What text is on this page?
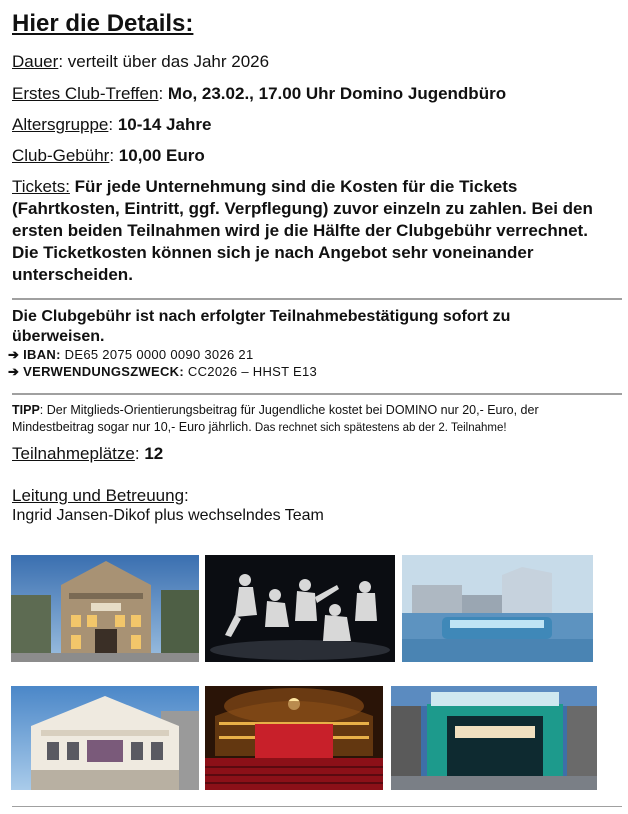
Hier die Details:
Dauer: verteilt über das Jahr 2026
Erstes Club-Treffen: Mo, 23.02., 17.00 Uhr Domino Jugendbüro
Altersgruppe: 10-14 Jahre
Club-Gebühr: 10,00 Euro
Tickets: Für jede Unternehmung sind die Kosten für die Tickets (Fahrtkosten, Eintritt, ggf. Verpflegung) zuvor einzeln zu zahlen. Bei den ersten beiden Teilnahmen wird je die Hälfte der Clubgebühr verrechnet. Die Ticketkosten können sich je nach Angebot sehr voneinander unterscheiden.
Die Clubgebühr ist nach erfolgter Teilnahmebestätigung sofort zu überweisen.
➔ IBAN: DE65 2075 0000 0090 3026 21
➔ VERWENDUNGSZWECK: CC2026 – HHST E13
TIPP: Der Mitglieds-Orientierungsbeitrag für Jugendliche kostet bei DOMINO nur 20,- Euro, der Mindestbeitrag sogar nur 10,- Euro jährlich. Das rechnet sich spätestens ab der 2. Teilnahme!
Teilnahmeplätze: 12
Leitung und Betreuung:
Ingrid Jansen-Dikof plus wechselndes Team
